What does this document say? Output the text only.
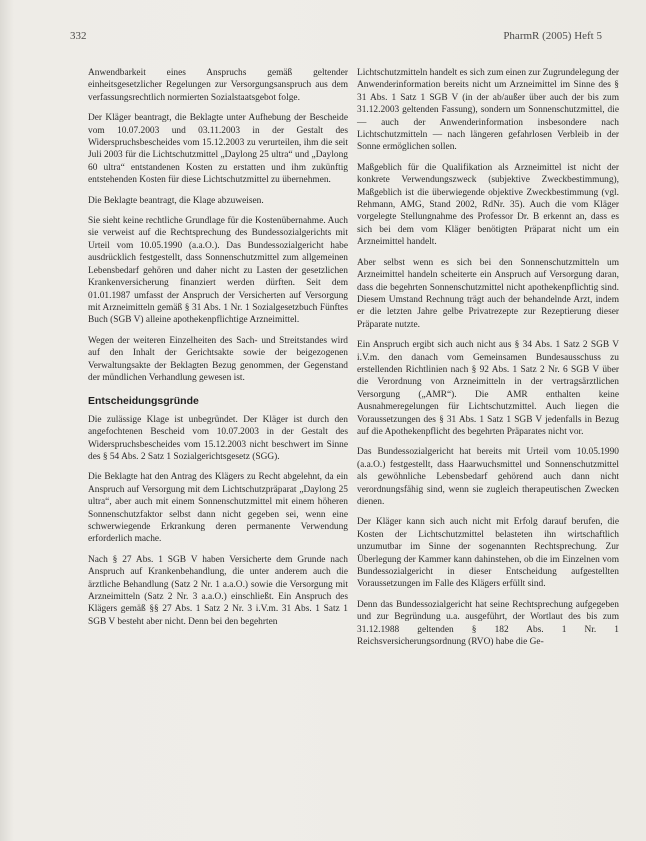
332	PharmR (2005) Heft 5

Anwendbarkeit eines Anspruchs gemäß geltender einheitsgesetzlicher Regelungen zur Versorgungsanspruch aus dem verfassungsrechtlich normierten Sozialstaatsgebot folge.

Der Kläger beantragt, die Beklagte unter Aufhebung der Bescheide vom 10.07.2003 und 03.11.2003 in der Gestalt des Widerspruchsbescheides vom 15.12.2003 zu verurteilen, ihm die seit Juli 2003 für die Lichtschutzmittel „Daylong 25 ultra“ und „Daylong 60 ultra“ entstandenen Kosten zu erstatten und ihm zukünftig entstehenden Kosten für diese Lichtschutzmittel zu übernehmen.

Die Beklagte beantragt, die Klage abzuweisen.

Sie sieht keine rechtliche Grundlage für die Kostenübernahme. Auch sie verweist auf die Rechtsprechung des Bundessozialgerichts mit Urteil vom 10.05.1990 (a.a.O.). Das Bundessozialgericht habe ausdrücklich festgestellt, dass Sonnenschutzmittel zum allgemeinen Lebensbedarf gehören und daher nicht zu Lasten der gesetzlichen Krankenversicherung finanziert werden dürften. Seit dem 01.01.1987 umfasst der Anspruch der Versicherten auf Versorgung mit Arzneimitteln gemäß § 31 Abs. 1 Nr. 1 Sozialgesetzbuch Fünftes Buch (SGB V) alleine apothekenpflichtige Arzneimittel.

Wegen der weiteren Einzelheiten des Sach- und Streitstandes wird auf den Inhalt der Gerichtsakte sowie der beigezogenen Verwaltungsakte der Beklagten Bezug genommen, der Gegenstand der mündlichen Verhandlung gewesen ist.

Entscheidungsgründe

Die zulässige Klage ist unbegründet. Der Kläger ist durch den angefochtenen Bescheid vom 10.07.2003 in der Gestalt des Widerspruchsbescheides vom 15.12.2003 nicht beschwert im Sinne des § 54 Abs. 2 Satz 1 Sozialgerichtsgesetz (SGG).

Die Beklagte hat den Antrag des Klägers zu Recht abgelehnt, da ein Anspruch auf Versorgung mit dem Lichtschutzpräparat „Daylong 25 ultra“, aber auch mit einem Sonnenschutzmittel mit einem höheren Sonnenschutzfaktor selbst dann nicht gegeben sei, wenn eine schwerwiegende Erkrankung deren permanente Verwendung erforderlich mache.

Nach § 27 Abs. 1 SGB V haben Versicherte dem Grunde nach Anspruch auf Krankenbehandlung, die unter anderem auch die ärztliche Behandlung (Satz 2 Nr. 1 a.a.O.) sowie die Versorgung mit Arzneimitteln (Satz 2 Nr. 3 a.a.O.) einschließt. Ein Anspruch des Klägers gemäß §§ 27 Abs. 1 Satz 2 Nr. 3 i.V.m. 31 Abs. 1 Satz 1 SGB V besteht aber nicht. Denn bei den begehrten

Lichtschutzmitteln handelt es sich zum einen zur Zugrundelegung der Anwenderinformation bereits nicht um Arzneimittel im Sinne des § 31 Abs. 1 Satz 1 SGB V (in der ab/außer über auch der bis zum 31.12.2003 geltenden Fassung), sondern um Sonnenschutzmittel, die — auch der Anwenderinformation insbesondere nach Lichtschutzmitteln — nach längeren gefahrlosen Verbleib in der Sonne ermöglichen sollen.

Maßgeblich für die Qualifikation als Arzneimittel ist nicht der konkrete Verwendungszweck (subjektive Zweckbestimmung), Maßgeblich ist die überwiegende objektive Zweckbestimmung (vgl. Rehmann, AMG, Stand 2002, RdNr. 35). Auch die vom Kläger vorgelegte Stellungnahme des Professor Dr. B erkennt an, dass es sich bei dem vom Kläger benötigten Präparat nicht um ein Arzneimittel handelt.

Aber selbst wenn es sich bei den Sonnenschutzmitteln um Arzneimittel handeln scheiterte ein Anspruch auf Versorgung daran, dass die begehrten Sonnenschutzmittel nicht apothekenpflichtig sind. Diesem Umstand Rechnung trägt auch der behandelnde Arzt, indem er die letzten Jahre gelbe Privatrezepte zur Rezeptierung dieser Präparate nutzte.

Ein Anspruch ergibt sich auch nicht aus § 34 Abs. 1 Satz 2 SGB V i.V.m. den danach vom Gemeinsamen Bundesausschuss zu erstellenden Richtlinien nach § 92 Abs. 1 Satz 2 Nr. 6 SGB V über die Verordnung von Arzneimitteln in der vertragsärztlichen Versorgung („AMR“). Die AMR enthalten keine Ausnahmeregelungen für Lichtschutzmittel. Auch liegen die Voraussetzungen des § 31 Abs. 1 Satz 1 SGB V jedenfalls in Bezug auf die Apothekenpflicht des begehrten Präparates nicht vor.

Das Bundessozialgericht hat bereits mit Urteil vom 10.05.1990 (a.a.O.) festgestellt, dass Haarwuchsmittel und Sonnenschutzmittel als gewöhnliche Lebensbedarf gehörend auch dann nicht verordnungsfähig sind, wenn sie zugleich therapeutischen Zwecken dienen.

Der Kläger kann sich auch nicht mit Erfolg darauf berufen, die Kosten der Lichtschutzmittel belasteten ihn wirtschaftlich unzumutbar im Sinne der sogenannten Rechtsprechung. Zur Überlegung der Kammer kann dahinstehen, ob die im Einzelnen vom Bundessozialgericht in dieser Entscheidung aufgestellten Voraussetzungen im Falle des Klägers erfüllt sind.

Denn das Bundessozialgericht hat seine Rechtsprechung aufgegeben und zur Begründung u.a. ausgeführt, der Wortlaut des bis zum 31.12.1988 geltenden § 182 Abs. 1 Nr. 1 Reichsversicherungsordnung (RVO) habe die Ge-
